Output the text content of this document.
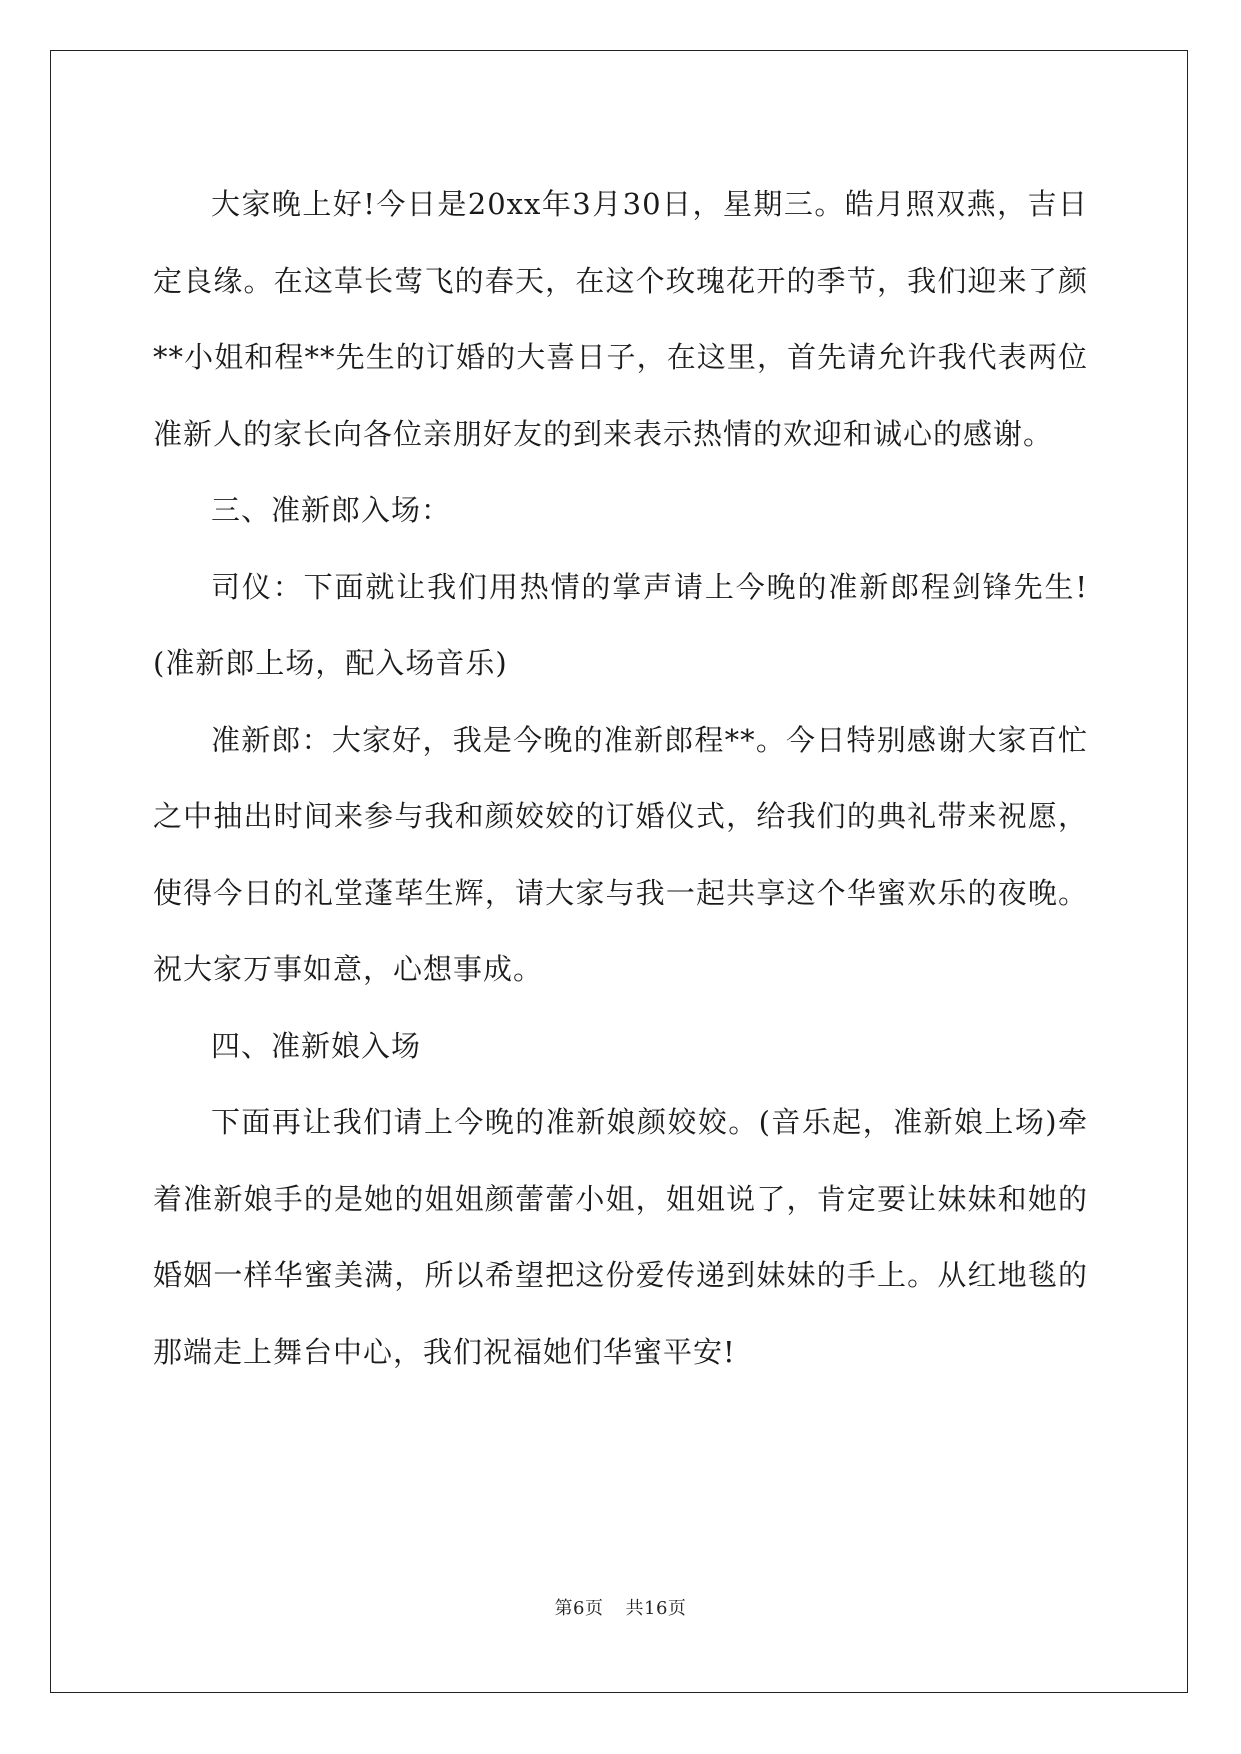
大家晚上好!今日是20xx年3月30日，星期三。皓月照双燕，吉日定良缘。在这草长莺飞的春天，在这个玫瑰花开的季节，我们迎来了颜**小姐和程**先生的订婚的大喜日子，在这里，首先请允许我代表两位准新人的家长向各位亲朋好友的到来表示热情的欢迎和诚心的感谢。

三、准新郎入场：

司仪：下面就让我们用热情的掌声请上今晚的准新郎程剑锋先生!(准新郎上场，配入场音乐)

准新郎：大家好，我是今晚的准新郎程**。今日特别感谢大家百忙之中抽出时间来参与我和颜姣姣的订婚仪式，给我们的典礼带来祝愿，使得今日的礼堂蓬荜生辉，请大家与我一起共享这个华蜜欢乐的夜晚。祝大家万事如意，心想事成。

四、准新娘入场

下面再让我们请上今晚的准新娘颜姣姣。(音乐起，准新娘上场)牵着准新娘手的是她的姐姐颜蕾蕾小姐，姐姐说了，肯定要让妹妹和她的婚姻一样华蜜美满，所以希望把这份爱传递到妹妹的手上。从红地毯的那端走上舞台中心，我们祝福她们华蜜平安!

第6页 共16页
